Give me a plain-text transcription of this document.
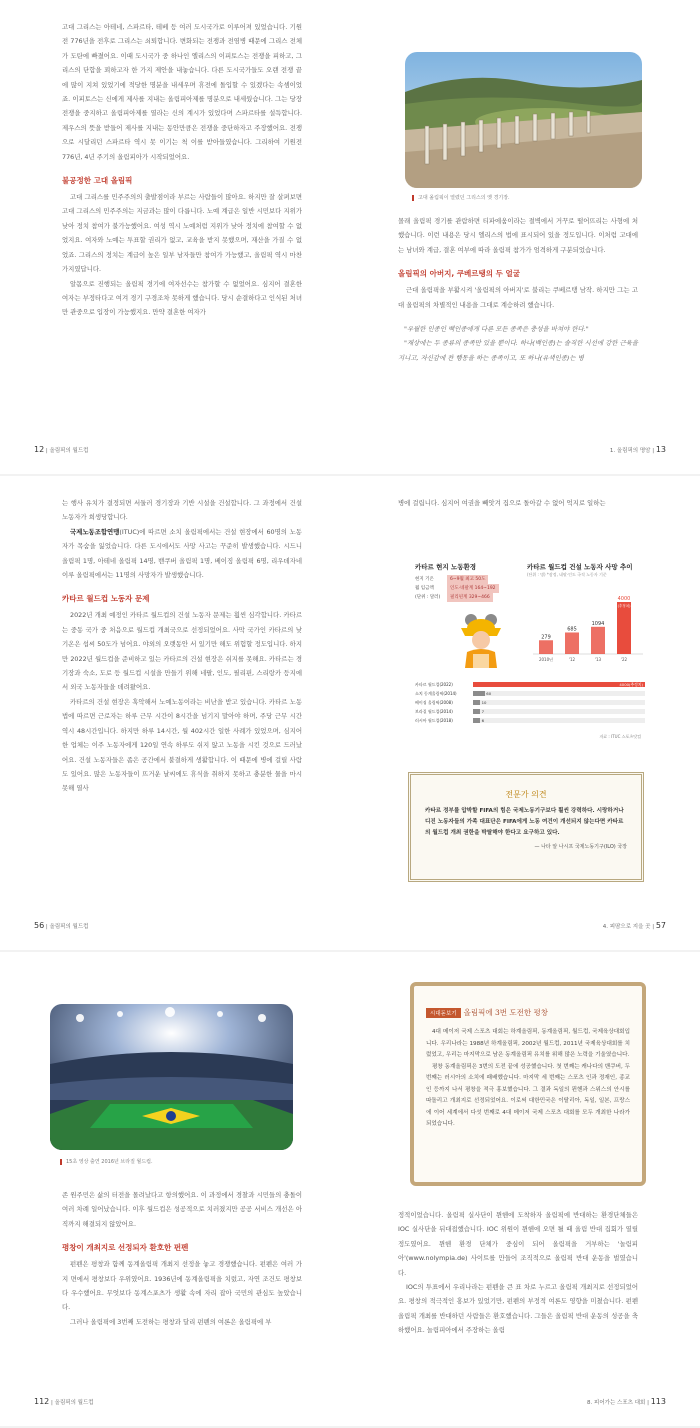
고대 그리스는 아테네, 스파르타, 테베 등 여러 도시국가로 이루어져 있었습니다. 기원전 776년을 전후로 그리스는 쇠퇴합니다. 변화되는 전쟁과 전염병 때문에 그리스 전체가 도탄에 빠졌어요. 이때 도시국가 중 하나인 엘리스의 이피토스는 전쟁을 피하고, 그리스의 단합을 꾀하고자 한 가지 제안을 내놓습니다. 다른 도시국가들도 오랜 전쟁 끝에 많이 지쳐 있었기에 적당한 명분을 내세우며 휴전에 돌입할 수 있겠다는 속셈이었죠. 이피토스는 신에게 제사를 지내는 올림피아제를 명분으로 내세웠습니다. 그는 당장 전쟁을 중지하고 올림피아제를 열라는 신의 계시가 있었다며 스파르타를 설득합니다. 제우스의 뜻을 받들어 제사를 지내는 동안만큼은 전쟁을 중단하자고 주장했어요. 전쟁으로 시달리던 스파르타 역시 못 이기는 척 이를 받아들였습니다. 그리하여 기원전 776년, 4년 주기의 올림피아가 시작되었어요.

불공정한 고대 올림픽

고대 그리스를 민주주의의 출발점이라 부르는 사람들이 많아요. 하지만 잘 살펴보면 고대 그리스의 민주주의는 지금과는 많이 다릅니다. 노예 계급은 일반 시민보다 지위가 낮아 정치 참여가 불가능했어요. 여성 역시 노예처럼 지위가 낮아 정치에 참여할 수 없었지요. 여자와 노예는 투표할 권리가 없고, 교육을 받지 못했으며, 재산을 가질 수 없었죠. 그리스의 정치는 계급이 높은 일부 남자들만 참여가 가능했고, 올림픽 역시 마찬가지였답니다.

알몸으로 진행되는 올림픽 경기에 여자선수는 참가할 수 없었어요. 심지어 결혼한 여자는 부정타다고 여겨 경기 구경조차 못하게 했습니다. 당시 순결하다고 인식된 처녀만 관중으로 입장이 가능했지요. 만약 결혼한 여자가

12 | 올림픽의 월드컵
고대 올림픽이 열렸던 그리스의 옛 경기장.

몰래 올림픽 경기를 관람하면 티파에움이라는 절벽에서 거꾸로 떨어뜨리는 사형에 처했습니다. 이런 내용은 당시 엘리스의 법에 표시되어 있을 정도입니다. 이처럼 고대에는 남녀와 계급, 결혼 여부에 따라 올림픽 참가가 엄격하게 구분되었습니다.

올림픽의 아버지, 쿠베르탱의 두 얼굴

근대 올림픽을 부활시켜 '올림픽의 아버지'로 불리는 쿠베르탱 남작. 하지만 그는 고대 올림픽의 차별적인 내용을 그대로 계승하려 했습니다.

"우월한 인종인 백인종에게 다른 모든 종족은 충성을 바쳐야 한다."

"재상에는 두 종류의 종족만 있을 뿐이다. 하나(백인종)는 솔직한 시선에 강한 근육을 지니고, 자신감에 찬 행동을 하는 종족이고, 또 하나(유색인종)는 병

1. 올림픽의 명암 | 13

는 행사 유치가 결정되면 서둘러 경기장과 기반 시설을 건설합니다. 그 과정에서 건설 노동자가 희생당합니다.

국제노동조합연맹(ITUC)에 따르면 소치 올림픽에서는 건설 현장에서 60명의 노동자가 목숨을 잃었습니다. 다른 도시에서도 사망 사고는 꾸준히 발생했습니다. 시드니 올림픽 1명, 아테네 올림픽 14명, 밴쿠버 올림픽 1명, 베이징 올림픽 6명, 리우데자네이루 올림픽에서는 11명의 사망자가 발생했습니다.

카타르 월드컵 노동자 문제

2022년 개최 예정인 카타르 월드컵의 건설 노동자 문제는 훨씬 심각합니다. 카타르는 중동 국가 중 처음으로 월드컵 개최국으로 선정되었어요. 사막 국가인 카타르의 낮 기온은 섭씨 50도가 넘어요. 야외의 오랫동안 서 있기만 해도 위험할 정도입니다. 하지만 2022년 월드컵을 준비하고 있는 카타르의 건설 현장은 쉬지를 못해요. 카타르는 경기장과 숙소, 도로 등 월드컵 시설을 만들기 위해 네팔, 인도, 필리핀, 스리랑카 등지에서 외국 노동자들을 데려왔어요.

카타르의 건설 현장은 혹악해서 노예노동이라는 비난을 받고 있습니다. 카타르 노동법에 따르면 근로자는 하루 근무 시간이 8시간을 넘기지 말아야 하며, 주당 근무 시간 역시 48시간입니다. 하지만 하루 14시간, 월 402시간 일한 사례가 있었으며, 심지어 한 업체는 이주 노동자에게 120일 연속 하루도 쉬지 않고 노동을 시킨 것으로 드러났어요. 건설 노동자들은 좁은 공간에서 불결하게 생활합니다. 이 때문에 병에 걸릴 사람도 있어요. 많은 노동자들이 뜨거운 날씨에도 휴식을 취하지 못하고 충분한 물을 마시 못해 열사

56 | 올림픽의 월드컵

병에 걸립니다. 심지어 여권을 빼앗겨 집으로 돌아갈 수 없어 억지로 일하는

카타르 현지 노동환경
현지 기온	6~9월 최고 50도
월 임금액	인도·네팔계 164~192
(단위 : 달러)	필리핀계 329~466
카타르 월드컵 건설 노동자 사망 추이
(단위 : 명) *잠정, 네팔·인도 국적 노동자 기준
279
2010년
685
'12
1094
'13
4000
'22
(추정치)
카타르 월드컵(2022)	4000(추정치)
소치 동계올림픽(2014)	60
베이징 올림픽(2008)	10
브라질 월드컵(2014)	7
러시아 월드컵(2018)	6
자료 : ITUC 스포츠닷컴
전문가 의견
카타르 정부를 압박할 FIFA의 힘은 국제노동기구보다 훨씬 강력하다. 시랑하거나 디진 노동자들의 가족 대표단은 FIFA에게 노동 여건이 개선되지 않는다면 카타르의 월드컵 개최 권한을 박탈해야 한다고 요구하고 있다.
— 나타 알 나시프 국제노동기구(ILO) 국장
4. 피땀으로 지을 곳 | 57
15초 영상 출연 2016년 브라질 월드컵.

존 원주민은 삶의 터전을 몰려났다고 항의했어요. 이 과정에서 경찰과 시민들의 충돌이 여러 차례 일어났습니다. 이후 월드컵은 성공적으로 치러졌지만 공공 서비스 개선은 아직까지 해결되지 않았어요.

평창이 개최지로 선정되자 환호한 펀펜

펀펜은 평창과 함께 동계올림픽 개최지 선정을 놓고 경쟁했습니다. 펀펜은 여러 가지 면에서 평창보다 우위였어요. 1936년에 동계올림픽을 치렀고, 자연 조건도 평창보다 우수했어요. 무엇보다 동계스포츠가 생활 속에 자리 잡아 국민의 관심도 높았습니다.

그러나 올림픽에 3번째 도전하는 평창과 달리 펀펜의 여론은 올림픽에 부

112 | 올림픽의 월드컵
시대돋보기 올림픽에 3번 도전한 평창

4대 메이저 국제 스포츠 대회는 하계올림픽, 동계올림픽, 월드컵, 국제육상대회입니다. 우리나라는 1988년 하계올림픽, 2002년 월드컵, 2011년 국제육상대회를 치렀었고, 우리는 마지막으로 남은 동계올림픽 유치를 위해 많은 노력을 기울였습니다.

평창 동계올림픽은 3번의 도전 끝에 성공했습니다. 첫 번째는 캐나다의 밴쿠버, 두 번째는 러시아의 소치에 패배했습니다. 마지막 세 번째는 스포츠 인과 정재인, 종교인 등까지 나서 평창을 적극 홍보했습니다. 그 결과 독일의 뮌헨과 스위스의 안시를 따돌리고 개최지로 선정되었어요. 이로써 대한민국은 이탈리아, 독일, 일본, 프랑스에 이어 세계에서 다섯 번째로 4대 메이저 국제 스포츠 대회를 모두 개최한 나라가 되었습니다.

정적이었습니다. 올림픽 실사단이 뮌헨에 도착하자 올림픽에 반대하는 환경단체들은 IOC 실사단을 뒤대접했습니다. IOC 위원이 뮌헨에 오면 될 때 올림 반대 집회가 열릴 정도였어요. 뮌헨 환경 단체가 중심이 되어 올림픽을 거부하는 '놀림피아'(www.nolympia.de) 사이트를 만들어 조직적으로 올림픽 반대 운동을 벌였습니다.

IOC의 투표에서 우리나라는 펀펜을 큰 표 차로 누르고 올림픽 개최지로 선정되었어요. 평창의 적극적인 홍보가 있었기만, 펀펜의 부정적 여론도 영향을 미쳤습니다. 펀펜 올림픽 개최를 반대하던 사람들은 환호했습니다. 그들은 올림픽 반대 운동의 성공을 축하했어요. 놀림피아에서 주장하는 올림

8. 피어가는 스포츠 대회 | 113
